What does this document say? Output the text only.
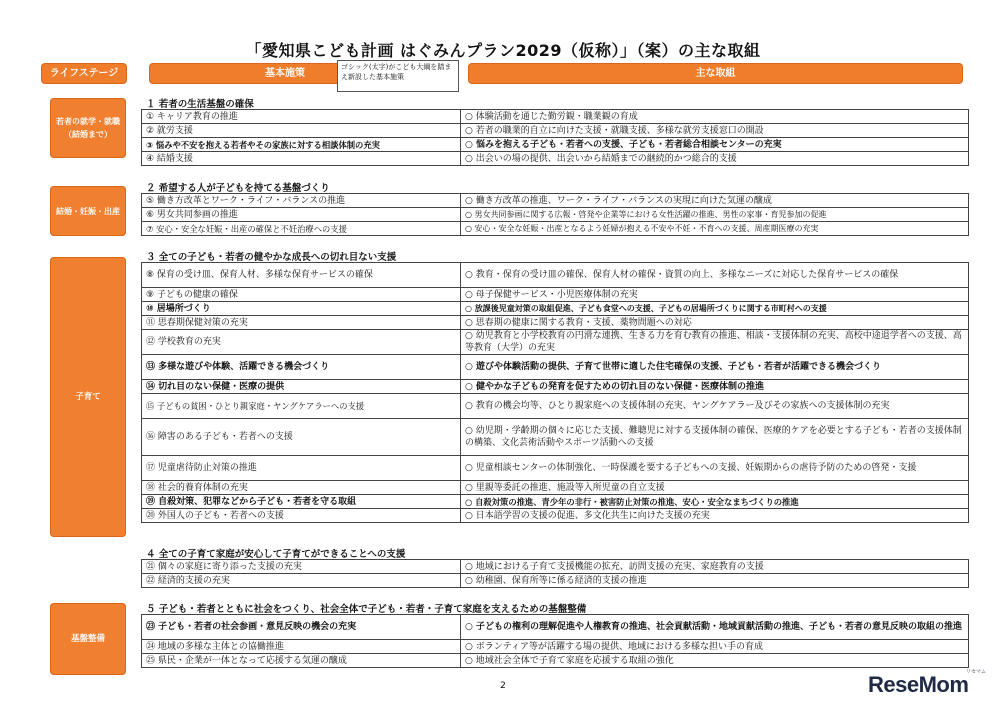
「愛知県こども計画 はぐみんプラン2029（仮称）」（案）の主な取組
ライフステージ	基本施策	主な取組
ゴシック(太字)がこども大綱を踏まえ新設した基本施策
若者の就学・就職（結婚まで）
結婚・妊娠・出産
子育て
基盤整備
１ 若者の生活基盤の確保
① キャリア教育の推進	○ 体験活動を通じた勤労観・職業観の育成
② 就労支援	○ 若者の職業的自立に向けた支援・就職支援、多様な就労支援窓口の開設
③ 悩みや不安を抱える若者やその家族に対する相談体制の充実	○ 悩みを抱える子ども・若者への支援、子ども・若者総合相談センターの充実
④ 結婚支援	○ 出会いの場の提供、出会いから結婚までの継続的かつ総合的支援
２ 希望する人が子どもを持てる基盤づくり
⑤ 働き方改革とワーク・ライフ・バランスの推進	○ 働き方改革の推進、ワーク・ライフ・バランスの実現に向けた気運の醸成
⑥ 男女共同参画の推進	○ 男女共同参画に関する広報・啓発や企業等における女性活躍の推進、男性の家事・育児参加の促進
⑦ 安心・安全な妊娠・出産の確保と不妊治療への支援	○ 安心・安全な妊娠・出産となるよう妊婦が抱える不安や不妊・不育への支援、周産期医療の充実
３ 全ての子ども・若者の健やかな成長への切れ目ない支援
⑧ 保育の受け皿、保育人材、多様な保育サービスの確保	○ 教育・保育の受け皿の確保、保育人材の確保・資質の向上、多様なニーズに対応した保育サービスの確保
⑨ 子どもの健康の確保	○ 母子保健サービス・小児医療体制の充実
⑩ 居場所づくり	○ 放課後児童対策の取組促進、子ども食堂への支援、子どもの居場所づくりに関する市町村への支援
⑪ 思春期保健対策の充実	○ 思春期の健康に関する教育・支援、薬物問題への対応
⑫ 学校教育の充実	○ 幼児教育と小学校教育の円滑な連携、生きる力を育む教育の推進、相談・支援体制の充実、高校中途退学者への支援、高等教育（大学）の充実
⑬ 多様な遊びや体験、活躍できる機会づくり	○ 遊びや体験活動の提供、子育て世帯に適した住宅確保の支援、子ども・若者が活躍できる機会づくり
⑭ 切れ目のない保健・医療の提供	○ 健やかな子どもの発育を促すための切れ目のない保健・医療体制の推進
⑮ 子どもの貧困・ひとり親家庭・ヤングケアラーへの支援	○ 教育の機会均等、ひとり親家庭への支援体制の充実、ヤングケアラー及びその家族への支援体制の充実
⑯ 障害のある子ども・若者への支援	○ 幼児期・学齢期の個々に応じた支援、難聴児に対する支援体制の確保、医療的ケアを必要とする子ども・若者の支援体制の構築、文化芸術活動やスポーツ活動への支援
⑰ 児童虐待防止対策の推進	○ 児童相談センターの体制強化、一時保護を要する子どもへの支援、妊娠期からの虐待予防のための啓発・支援
⑱ 社会的養育体制の充実	○ 里親等委託の推進、施設等入所児童の自立支援
⑲ 自殺対策、犯罪などから子ども・若者を守る取組	○ 自殺対策の推進、青少年の非行・被害防止対策の推進、安心・安全なまちづくりの推進
⑳ 外国人の子ども・若者への支援	○ 日本語学習の支援の促進、多文化共生に向けた支援の充実
４ 全ての子育て家庭が安心して子育てができることへの支援
㉑ 個々の家庭に寄り添った支援の充実	○ 地域における子育て支援機能の拡充、訪問支援の充実、家庭教育の支援
㉒ 経済的支援の充実	○ 幼稚園、保育所等に係る経済的支援の推進
５ 子ども・若者とともに社会をつくり、社会全体で子ども・若者・子育て家庭を支えるための基盤整備
㉓ 子ども・若者の社会参画・意見反映の機会の充実	○ 子どもの権利の理解促進や人権教育の推進、社会貢献活動・地域貢献活動の推進、子ども・若者の意見反映の取組の推進
㉔ 地域の多様な主体との協働推進	○ ボランティア等が活躍する場の提供、地域における多様な担い手の育成
㉕ 県民・企業が一体となって応援する気運の醸成	○ 地域社会全体で子育て家庭を応援する取組の強化
2	ReseMom
リセマム
